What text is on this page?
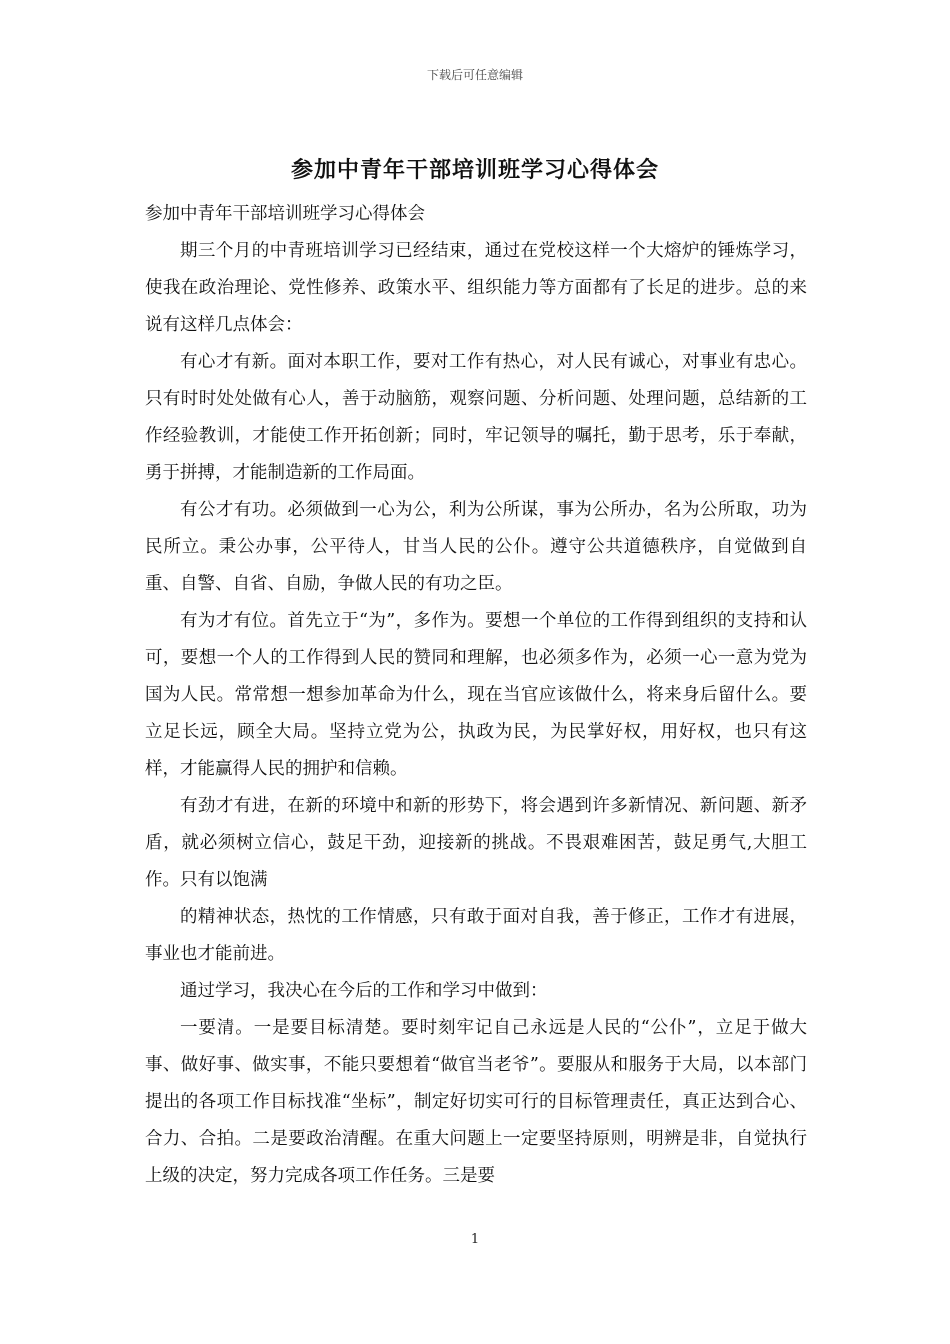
下载后可任意编辑
参加中青年干部培训班学习心得体会

参加中青年干部培训班学习心得体会

期三个月的中青班培训学习已经结束，通过在党校这样一个大熔炉的锤炼学习，使我在政治理论、党性修养、政策水平、组织能力等方面都有了长足的进步。总的来说有这样几点体会：

有心才有新。面对本职工作，要对工作有热心，对人民有诚心，对事业有忠心。只有时时处处做有心人，善于动脑筋，观察问题、分析问题、处理问题，总结新的工作经验教训，才能使工作开拓创新；同时，牢记领导的嘱托，勤于思考，乐于奉献，勇于拼搏，才能制造新的工作局面。

有公才有功。必须做到一心为公，利为公所谋，事为公所办，名为公所取，功为民所立。秉公办事，公平待人，甘当人民的公仆。遵守公共道德秩序，自觉做到自重、自警、自省、自励，争做人民的有功之臣。

有为才有位。首先立于“为”，多作为。要想一个单位的工作得到组织的支持和认可，要想一个人的工作得到人民的赞同和理解，也必须多作为，必须一心一意为党为国为人民。常常想一想参加革命为什么，现在当官应该做什么，将来身后留什么。要立足长远，顾全大局。坚持立党为公，执政为民，为民掌好权，用好权，也只有这样，才能赢得人民的拥护和信赖。

有劲才有进，在新的环境中和新的形势下，将会遇到许多新情况、新问题、新矛盾，就必须树立信心，鼓足干劲，迎接新的挑战。不畏艰难困苦，鼓足勇气,大胆工作。只有以饱满

的精神状态，热忱的工作情感，只有敢于面对自我，善于修正，工作才有进展，事业也才能前进。

通过学习，我决心在今后的工作和学习中做到：

一要清。一是要目标清楚。要时刻牢记自己永远是人民的“公仆”，立足于做大事、做好事、做实事，不能只要想着“做官当老爷”。要服从和服务于大局，以本部门提出的各项工作目标找准“坐标”，制定好切实可行的目标管理责任，真正达到合心、合力、合拍。二是要政治清醒。在重大问题上一定要坚持原则，明辨是非，自觉执行上级的决定，努力完成各项工作任务。三是要

1
